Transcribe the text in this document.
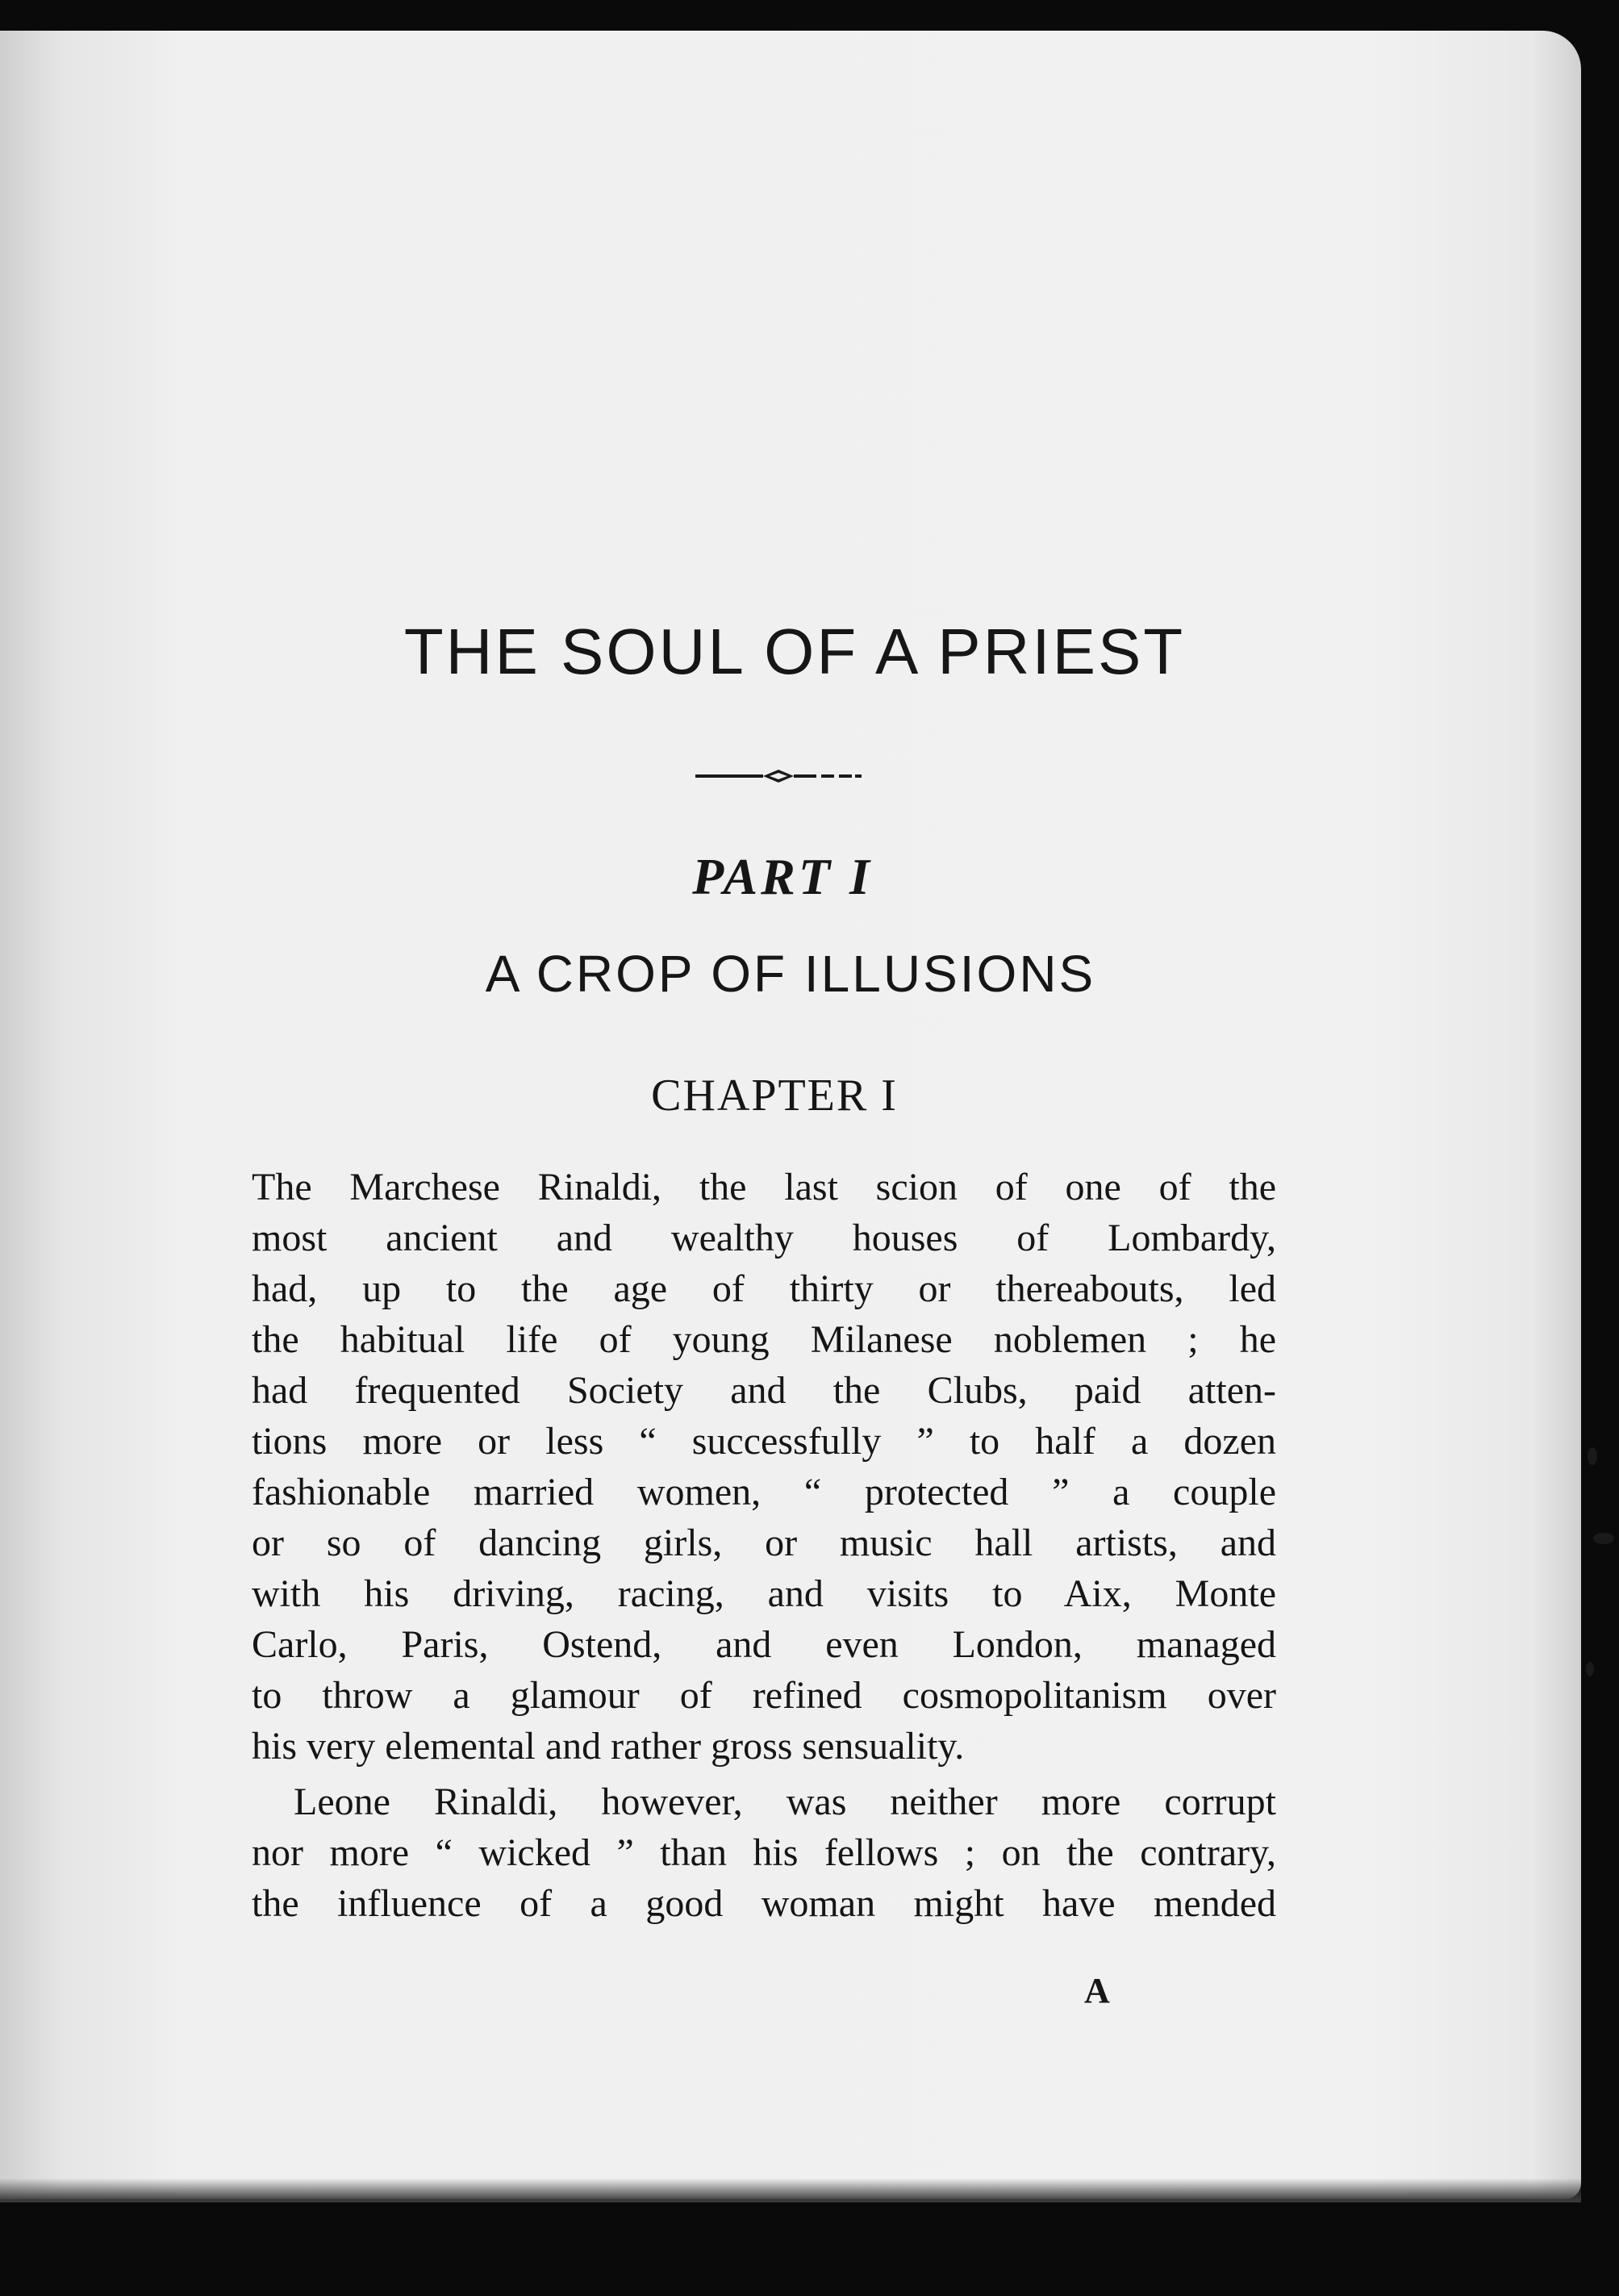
THE SOUL OF A PRIEST
PART I
A CROP OF ILLUSIONS
CHAPTER I
The Marchese Rinaldi, the last scion of one of the
most ancient and wealthy houses of Lombardy,
had, up to the age of thirty or thereabouts, led
the habitual life of young Milanese noblemen ; he
had frequented Society and the Clubs, paid atten-
tions more or less “ successfully ” to half a dozen
fashionable married women, “ protected ” a couple
or so of dancing girls, or music hall artists, and
with his driving, racing, and visits to Aix, Monte
Carlo, Paris, Ostend, and even London, managed
to throw a glamour of refined cosmopolitanism over
his very elemental and rather gross sensuality.
Leone Rinaldi, however, was neither more corrupt
nor more “ wicked ” than his fellows ; on the contrary,
the influence of a good woman might have mended
A
